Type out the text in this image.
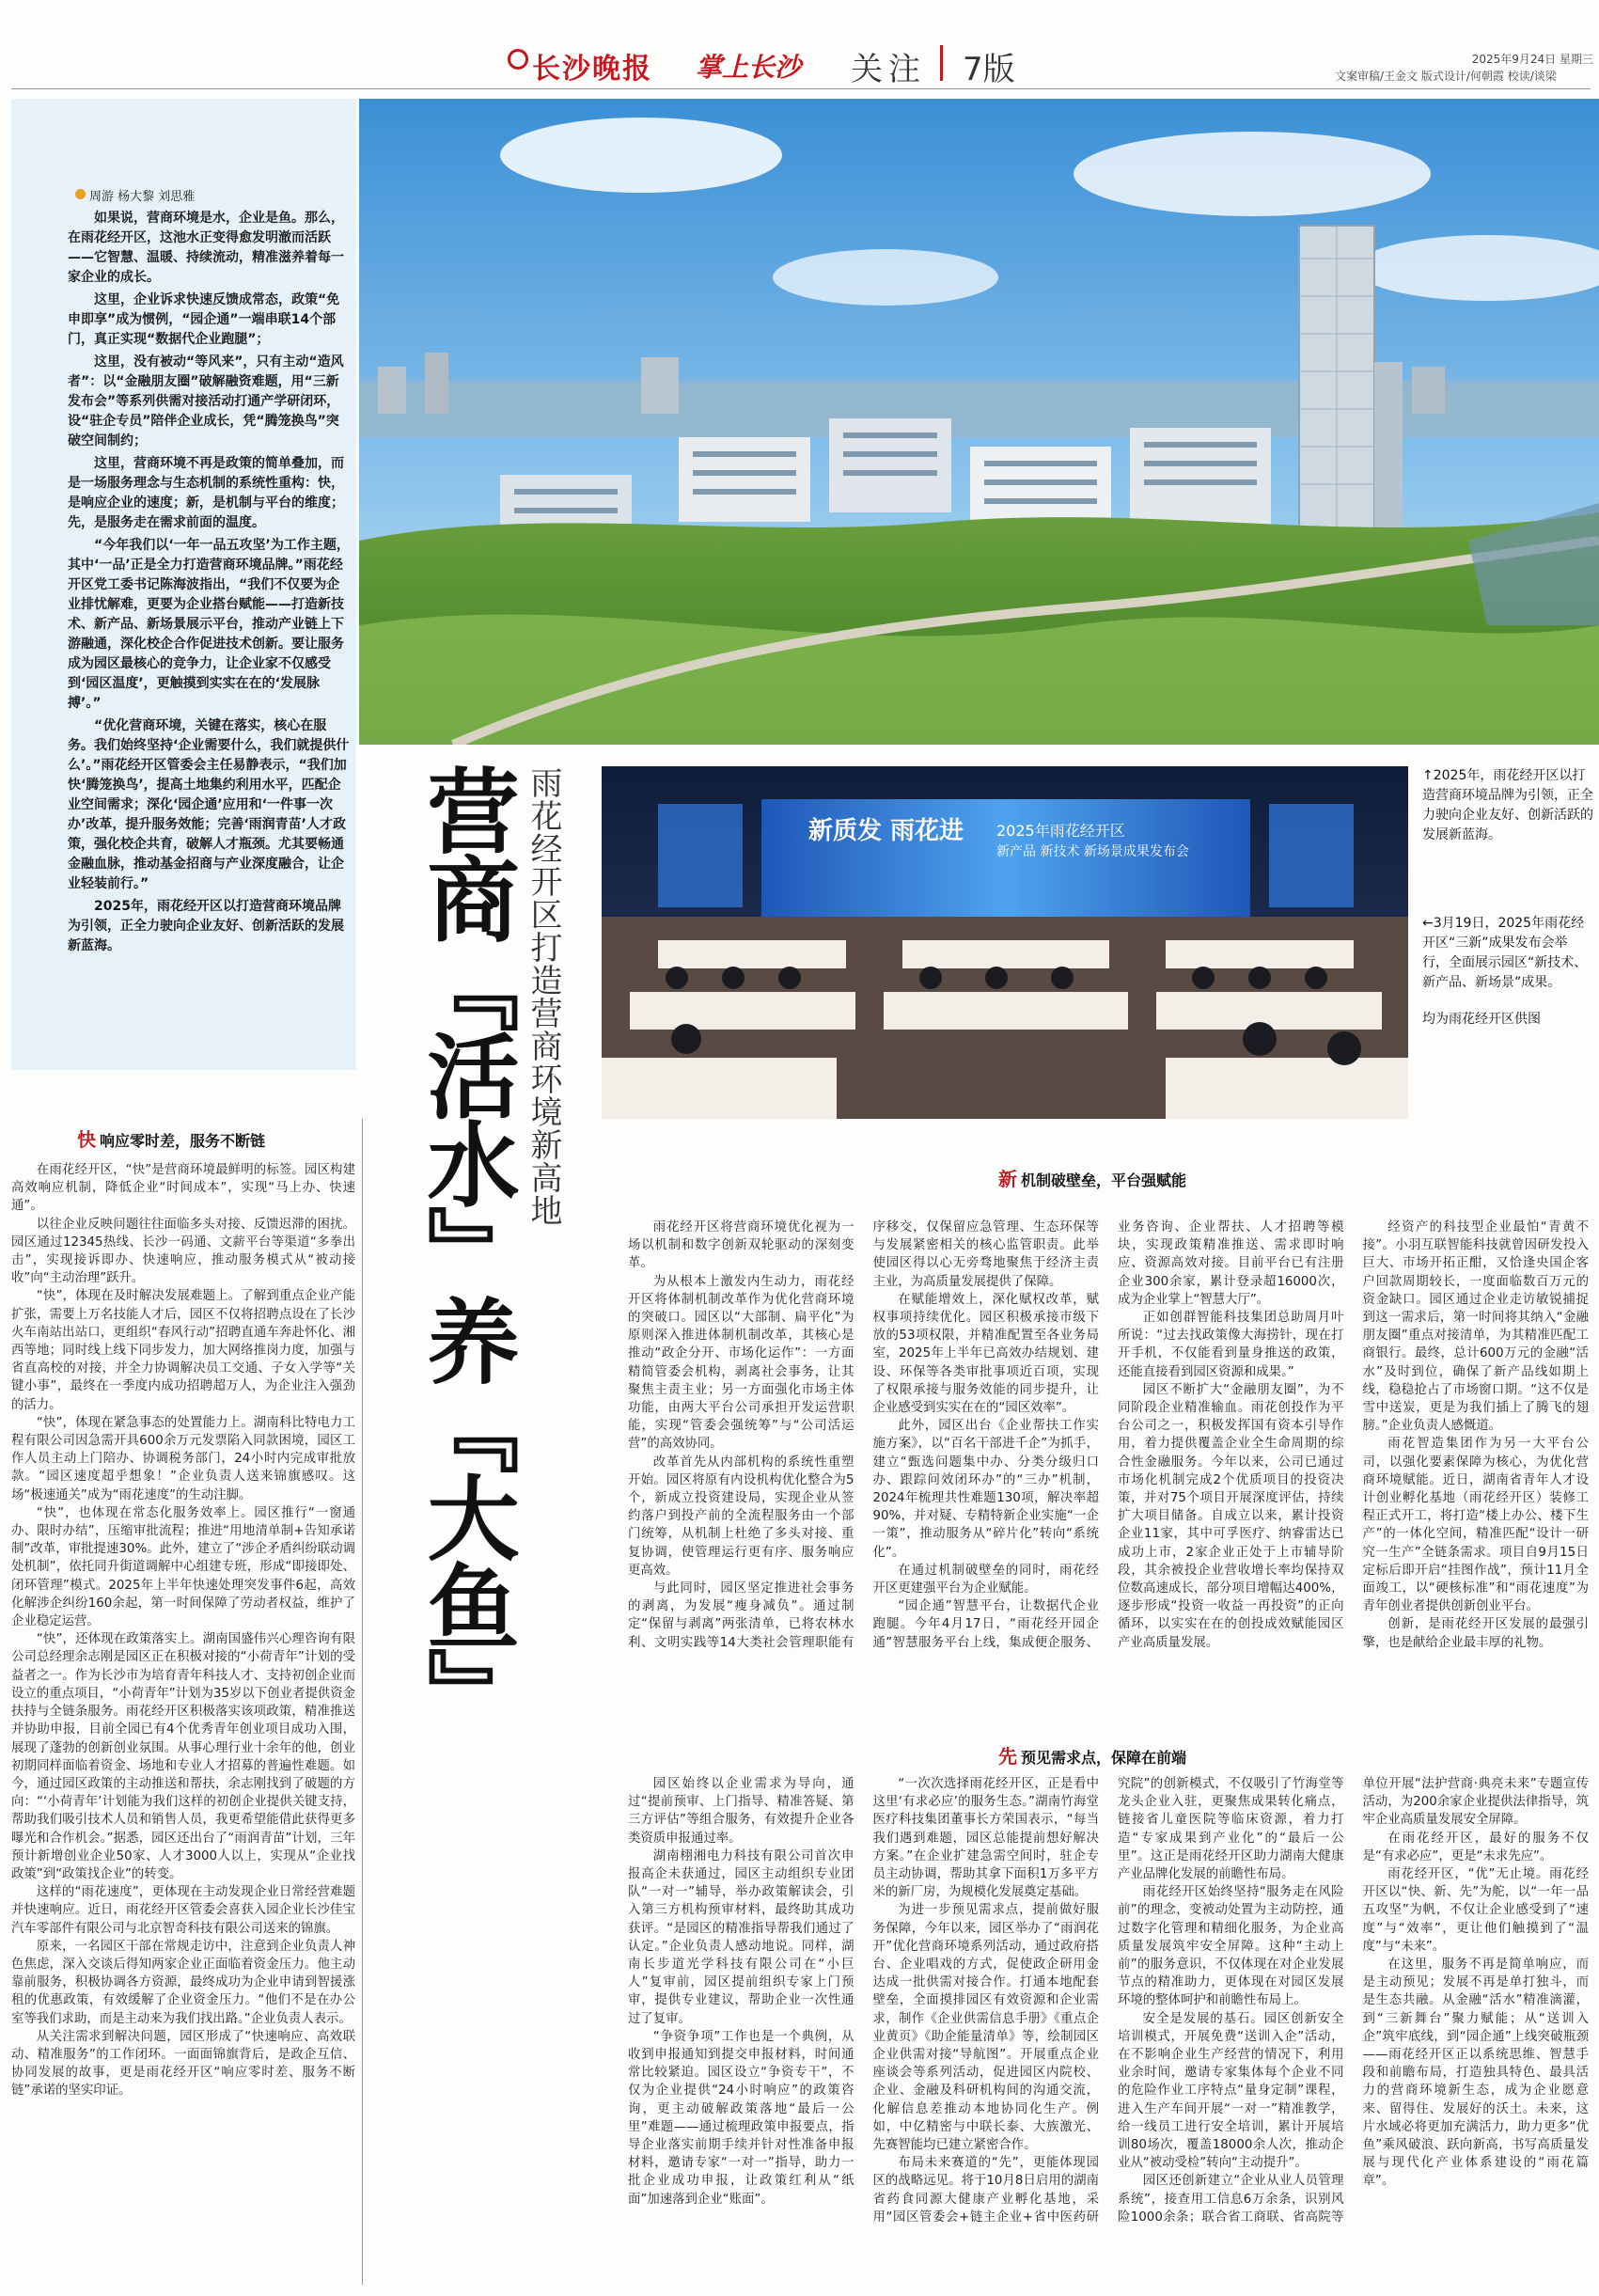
长沙晚报 掌上长沙 关注 7版	2025年9月24日 星期三
文案审稿/王金文 版式设计/何朝霞 校读/谈梁
周游 杨大黎 刘思雅

如果说，营商环境是水，企业是鱼。那么，在雨花经开区，这池水正变得愈发明澈而活跃——它智慧、温暖、持续流动，精准滋养着每一家企业的成长。

这里，企业诉求快速反馈成常态，政策“免申即享”成为惯例，“园企通”一端串联14个部门，真正实现“数据代企业跑腿”；

这里，没有被动“等风来”，只有主动“造风者”：以“金融朋友圈”破解融资难题，用“三新发布会”等系列供需对接活动打通产学研闭环，设“驻企专员”陪伴企业成长，凭“腾笼换鸟”突破空间制约；

这里，营商环境不再是政策的简单叠加，而是一场服务理念与生态机制的系统性重构：快，是响应企业的速度；新，是机制与平台的维度；先，是服务走在需求前面的温度。

“今年我们以‘一年一品五攻坚’为工作主题，其中‘一品’正是全力打造营商环境品牌。”雨花经开区党工委书记陈海波指出，“我们不仅要为企业排忧解难，更要为企业搭台赋能——打造新技术、新产品、新场景展示平台，推动产业链上下游融通，深化校企合作促进技术创新。要让服务成为园区最核心的竞争力，让企业家不仅感受到‘园区温度’，更触摸到实实在在的‘发展脉搏’。”

“优化营商环境，关键在落实，核心在服务。我们始终坚持‘企业需要什么，我们就提供什么’。”雨花经开区管委会主任易静表示，“我们加快‘腾笼换鸟’，提高土地集约利用水平，匹配企业空间需求；深化‘园企通’应用和‘一件事一次办’改革，提升服务效能；完善‘雨润青苗’人才政策，强化校企共育，破解人才瓶颈。尤其要畅通金融血脉，推动基金招商与产业深度融合，让企业轻装前行。”

2025年，雨花经开区以打造营商环境品牌为引领，正全力驶向企业友好、创新活跃的发展新蓝海。	营商『活水』养『大鱼』 雨花经开区打造营商环境新高地	新质发 雨花进 2025年雨花经开区
新产品 新技术 新场景成果发布会
↑2025年，雨花经开区以打造营商环境品牌为引领，正全力驶向企业友好、创新活跃的发展新蓝海。
←3月19日，2025年雨花经开区“三新”成果发布会举行，全面展示园区“新技术、新产品、新场景”成果。
均为雨花经开区供图
快 响应零时差，服务不断链

在雨花经开区，“快”是营商环境最鲜明的标签。园区构建高效响应机制，降低企业“时间成本”，实现“马上办、快速通”。

以往企业反映问题往往面临多头对接、反馈迟滞的困扰。园区通过12345热线、长沙一码通、文薪平台等渠道“多拳出击”，实现接诉即办、快速响应，推动服务模式从“被动接收”向“主动治理”跃升。

“快”，体现在及时解决发展难题上。了解到重点企业产能扩张，需要上万名技能人才后，园区不仅将招聘点设在了长沙火车南站出站口，更组织“春风行动”招聘直通车奔赴怀化、湘西等地；同时线上线下同步发力，加大网络推岗力度，加强与省直高校的对接，并全力协调解决员工交通、子女入学等“关键小事”，最终在一季度内成功招聘超万人，为企业注入强劲的活力。

“快”，体现在紧急事态的处置能力上。湖南科比特电力工程有限公司因急需开具600余万元发票陷入同款困境，园区工作人员主动上门陪办、协调税务部门，24小时内完成审批放款。“园区速度超乎想象！”企业负责人送来锦旗感叹。这场“极速通关”成为“雨花速度”的生动注脚。

“快”，也体现在常态化服务效率上。园区推行“一窗通办、限时办结”，压缩审批流程；推进“用地清单制+告知承诺制”改革，审批提速30%。此外，建立了“涉企矛盾纠纷联动调处机制”，依托同升街道调解中心组建专班，形成“即接即处、闭环管理”模式。2025年上半年快速处理突发事件6起，高效化解涉企纠纷160余起，第一时间保障了劳动者权益，维护了企业稳定运营。

“快”，还体现在政策落实上。湖南国盛伟兴心理咨询有限公司总经理余志刚是园区正在积极对接的“小荷青年”计划的受益者之一。作为长沙市为培育青年科技人才、支持初创企业而设立的重点项目，“小荷青年”计划为35岁以下创业者提供资金扶持与全链条服务。雨花经开区积极落实该项政策，精准推送并协助申报，目前全园已有4个优秀青年创业项目成功入围，展现了蓬勃的创新创业氛围。从事心理行业十余年的他，创业初期同样面临着资金、场地和专业人才招募的普遍性难题。如今，通过园区政策的主动推送和帮扶，余志刚找到了破题的方向：“‘小荷青年’计划能为我们这样的初创企业提供关键支持，帮助我们吸引技术人员和销售人员，我更希望能借此获得更多曝光和合作机会。”据悉，园区还出台了“雨润青苗”计划，三年预计新增创业企业50家、人才3000人以上，实现从“企业找政策”到“政策找企业”的转变。

这样的“雨花速度”，更体现在主动发现企业日常经营难题并快速响应。近日，雨花经开区管委会喜获入园企业长沙佳宝汽车零部件有限公司与北京智奇科技有限公司送来的锦旗。

原来，一名园区干部在常规走访中，注意到企业负责人神色焦虑，深入交谈后得知两家企业正面临着资金压力。他主动靠前服务，积极协调各方资源，最终成功为企业申请到智援涨租的优惠政策，有效缓解了企业资金压力。“他们不是在办公室等我们求助，而是主动来为我们找出路。”企业负责人表示。

从关注需求到解决问题，园区形成了“快速响应、高效联动、精准服务”的工作闭环。一面面锦旗背后，是政企互信、协同发展的故事，更是雨花经开区“响应零时差、服务不断链”承诺的坚实印证。

新 机制破壁垒，平台强赋能

雨花经开区将营商环境优化视为一场以机制和数字创新双轮驱动的深刻变革。

为从根本上激发内生动力，雨花经开区将体制机制改革作为优化营商环境的突破口。园区以“大部制、扁平化”为原则深入推进体制机制改革，其核心是推动“政企分开、市场化运作”：一方面精简管委会机构，剥离社会事务，让其聚焦主责主业；另一方面强化市场主体功能，由两大平台公司承担开发运营职能，实现“管委会强统筹”与“公司活运营”的高效协同。

改革首先从内部机构的系统性重塑开始。园区将原有内设机构优化整合为5个，新成立投资建设局，实现企业从签约落户到投产前的全流程服务由一个部门统筹，从机制上杜绝了多头对接、重复协调，使管理运行更有序、服务响应更高效。

与此同时，园区坚定推进社会事务的剥离，为发展“瘦身减负”。通过制定“保留与剥离”两张清单，已将农林水利、文明实践等14大类社会管理职能有序移交，仅保留应急管理、生态环保等与发展紧密相关的核心监管职责。此举使园区得以心无旁骛地聚焦于经济主责主业，为高质量发展提供了保障。

在赋能增效上，深化赋权改革，赋权事项持续优化。园区积极承接市级下放的53项权限，并精准配置至各业务局室，2025年上半年已高效办结规划、建设、环保等各类审批事项近百项，实现了权限承接与服务效能的同步提升，让企业感受到实实在在的“园区效率”。

此外，园区出台《企业帮扶工作实施方案》，以“百名干部进千企”为抓手，建立“甄选问题集中办、分类分级归口办、跟踪问效闭环办”的“三办”机制，2024年梳理共性难题130项，解决率超90%，并对疑、专精特新企业实施“一企一策”，推动服务从“碎片化”转向“系统化”。

在通过机制破壁垒的同时，雨花经开区更建强平台为企业赋能。

“园企通”智慧平台，让数据代企业跑腿。今年4月17日，“雨花经开园企通”智慧服务平台上线，集成便企服务、业务咨询、企业帮扶、人才招聘等模块，实现政策精准推送、需求即时响应、资源高效对接。目前平台已有注册企业300余家，累计登录超16000次，成为企业掌上“智慧大厅”。

正如创群智能科技集团总助周月叶所说：“过去找政策像大海捞针，现在打开手机，不仅能看到量身推送的政策，还能直接看到园区资源和成果。”

园区不断扩大“金融朋友圈”，为不同阶段企业精准输血。雨花创投作为平台公司之一，积极发挥国有资本引导作用，着力提供覆盖企业全生命周期的综合性金融服务。今年以来，公司已通过市场化机制完成2个优质项目的投资决策，并对75个项目开展深度评估，持续扩大项目储备。自成立以来，累计投资企业11家，其中可孚医疗、纳睿雷达已成功上市，2家企业正处于上市辅导阶段，其余被投企业营收增长率均保持双位数高速成长，部分项目增幅达400%，逐步形成“投资一收益一再投资”的正向循环，以实实在在的创投成效赋能园区产业高质量发展。

经资产的科技型企业最怕“青黄不接”。小羽互联智能科技就曾因研发投入巨大、市场开拓正酣，又恰逢央国企客户回款周期较长，一度面临数百万元的资金缺口。园区通过企业走访敏锐捕捉到这一需求后，第一时间将其纳入“金融朋友圈”重点对接清单，为其精准匹配工商银行。最终，总计600万元的金融“活水”及时到位，确保了新产品线如期上线，稳稳抢占了市场窗口期。“这不仅是雪中送炭，更是为我们插上了腾飞的翅膀。”企业负责人感慨道。

雨花智造集团作为另一大平台公司，以强化要素保障为核心，为优化营商环境赋能。近日，湖南省青年人才设计创业孵化基地（雨花经开区）装修工程正式开工，将打造“楼上办公、楼下生产”的一体化空间，精准匹配“设计一研究一生产”全链条需求。项目自9月15日定标后即开启“挂图作战”，预计11月全面竣工，以“硬核标准”和“雨花速度”为青年创业者提供创新创业平台。

创新，是雨花经开区发展的最强引擎，也是献给企业最丰厚的礼物。

先 预见需求点，保障在前端

园区始终以企业需求为导向，通过“提前预审、上门指导、精准答疑、第三方评估”等组合服务，有效提升企业各类资质申报通过率。

湖南栩湘电力科技有限公司首次申报高企未获通过，园区主动组织专业团队“一对一”辅导，举办政策解读会，引入第三方机构预审材料，最终助其成功获评。“是园区的精准指导帮我们通过了认定。”企业负责人感动地说。同样，湖南长步道光学科技有限公司在“小巨人”复审前，园区提前组织专家上门预审，提供专业建议，帮助企业一次性通过了复审。

“争资争项”工作也是一个典例，从收到申报通知到提交申报材料，时间通常比较紧迫。园区设立“争资专干”，不仅为企业提供“24小时响应”的政策咨询，更主动破解政策落地“最后一公里”难题——通过梳理政策申报要点，指导企业落实前期手续并针对性准备申报材料，邀请专家“一对一”指导，助力一批企业成功申报，让政策红利从“纸面”加速落到企业“账面”。

“一次次选择雨花经开区，正是看中这里‘有求必应’的服务生态。”湖南竹海堂医疗科技集团董事长方荣国表示，“每当我们遇到难题，园区总能提前想好解决方案。”在企业扩建急需空间时，驻企专员主动协调，帮助其拿下面积1万多平方米的新厂房，为规模化发展奠定基础。

为进一步预见需求点，提前做好服务保障，今年以来，园区举办了“雨润花开”优化营商环境系列活动，通过政府搭台、企业唱戏的方式，促使政企研用金达成一批供需对接合作。打通本地配套壁垒，全面摸排园区有效资源和企业需求，制作《企业供需信息手册》《重点企业黄页》《助企能量清单》等，绘制园区企业供需对接“导航图”。开展重点企业座谈会等系列活动，促进园区内院校、企业、金融及科研机构间的沟通交流，化解信息差推动本地协同化生产。例如，中亿精密与中联长泰、大族激光、先赛智能均已建立紧密合作。

布局未来赛道的“先”，更能体现园区的战略远见。将于10月8日启用的湖南省药食同源大健康产业孵化基地，采用“园区管委会+链主企业+省中医药研究院”的创新模式，不仅吸引了竹海堂等龙头企业入驻，更聚焦成果转化痛点，链接省儿童医院等临床资源，着力打造“专家成果到产业化”的“最后一公里”。这正是雨花经开区助力湖南大健康产业品牌化发展的前瞻性布局。

雨花经开区始终坚持“服务走在风险前”的理念，变被动处置为主动防控，通过数字化管理和精细化服务，为企业高质量发展筑牢安全屏障。这种“主动上前”的服务意识，不仅体现在对企业发展节点的精准助力，更体现在对园区发展环境的整体呵护和前瞻性布局上。

安全是发展的基石。园区创新安全培训模式，开展免费“送训入企”活动，在不影响企业生产经营的情况下，利用业余时间，邀请专家集体每个企业不同的危险作业工序特点“量身定制”课程，进入生产车间开展“一对一”精准教学，给一线员工进行安全培训，累计开展培训80场次，覆盖18000余人次，推动企业从“被动受检”转向“主动提升”。

园区还创新建立“企业从业人员管理系统”，接查用工信息6万余条，识别风险1000余条；联合省工商联、省高院等单位开展“法护营商·典亮未来”专题宣传活动，为200余家企业提供法律指导，筑牢企业高质量发展安全屏障。

在雨花经开区，最好的服务不仅是“有求必应”，更是“未求先应”。

雨花经开区，“优”无止境。雨花经开区以“快、新、先”为舵，以“一年一品五攻坚”为帆，不仅让企业感受到了“速度”与“效率”，更让他们触摸到了“温度”与“未来”。

在这里，服务不再是简单响应，而是主动预见；发展不再是单打独斗，而是生态共融。从金融“活水”精准滴灌，到“三新舞台”聚力赋能；从“送训入企”筑牢底线，到“园企通”上线突破瓶颈——雨花经开区正以系统思维、智慧手段和前瞻布局，打造独具特色、最具活力的营商环境新生态，成为企业愿意来、留得住、发展好的沃土。未来，这片水域必将更加充满活力，助力更多“优鱼”乘风破浪、跃向新高，书写高质量发展与现代化产业体系建设的“雨花篇章”。
